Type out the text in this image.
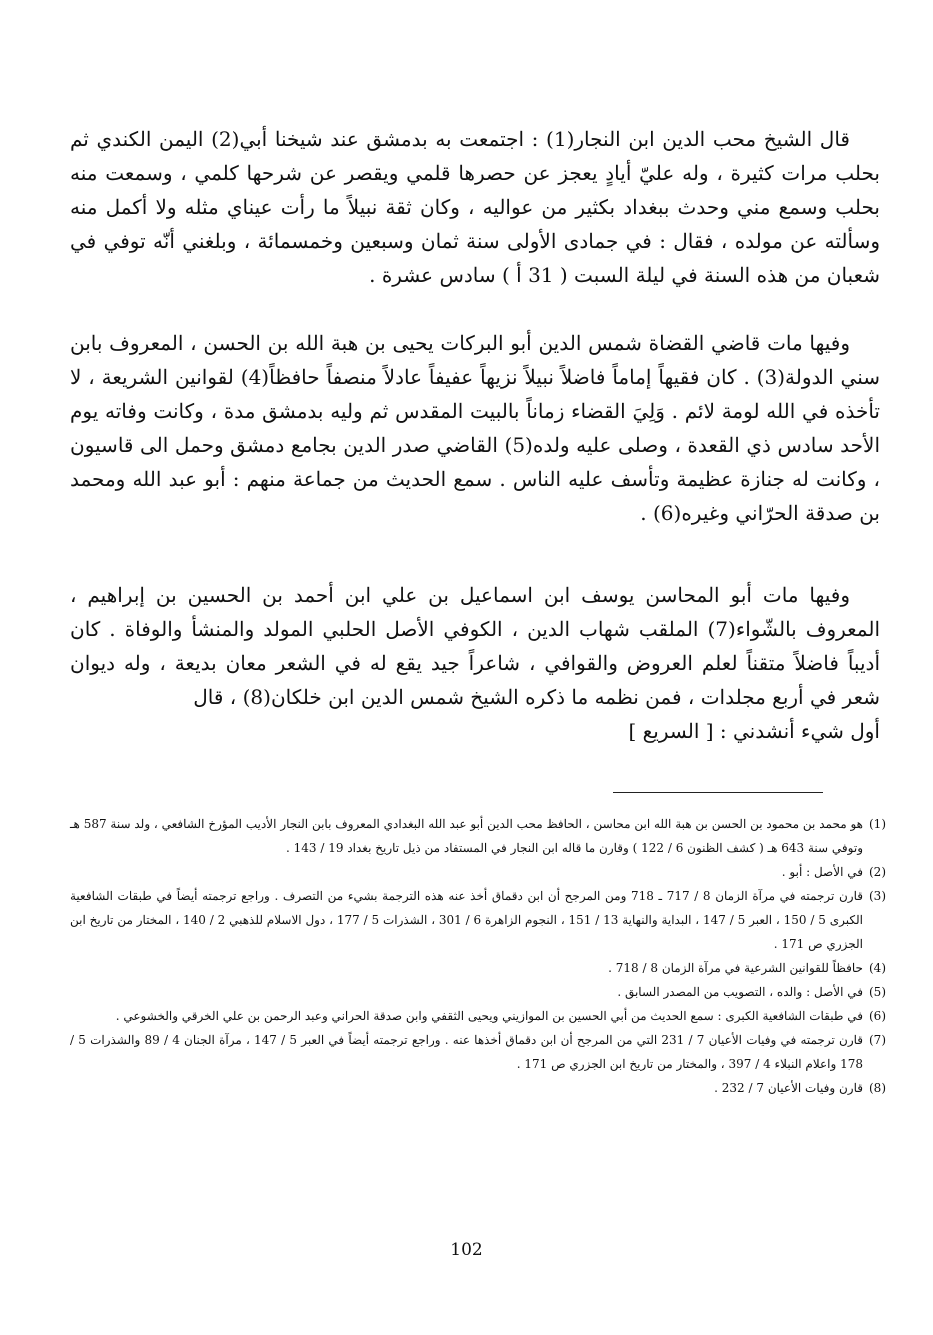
قال الشيخ محب الدين ابن النجار(1) : اجتمعت به بدمشق عند شيخنا أبي(2) اليمن الكندي ثم بحلب مرات كثيرة ، وله عليّ أيادٍ يعجز عن حصرها قلمي ويقصر عن شرحها كلمي ، وسمعت منه بحلب وسمع مني وحدث ببغداد بكثير من عواليه ، وكان ثقة نبيلاً ما رأت عيناي مثله ولا أكمل منه وسألته عن مولده ، فقال : في جمادى الأولى سنة ثمان وسبعين وخمسمائة ، وبلغني أنّه توفي في شعبان من هذه السنة في ليلة السبت ( 31 أ ) سادس عشرة .

وفيها مات قاضي القضاة شمس الدين أبو البركات يحيى بن هبة الله بن الحسن ، المعروف بابن سني الدولة(3) . كان فقيهاً إماماً فاضلاً نبيلاً نزيهاً عفيفاً عادلاً منصفاً حافظاً(4) لقوانين الشريعة ، لا تأخذه في الله لومة لائم . وَلِيَ القضاء زماناً بالبيت المقدس ثم وليه بدمشق مدة ، وكانت وفاته يوم الأحد سادس ذي القعدة ، وصلى عليه ولده(5) القاضي صدر الدين بجامع دمشق وحمل الى قاسيون ، وكانت له جنازة عظيمة وتأسف عليه الناس . سمع الحديث من جماعة منهم : أبو عبد الله ومحمد بن صدقة الحرّاني وغيره(6) .

وفيها مات أبو المحاسن يوسف ابن اسماعيل بن علي ابن أحمد بن الحسين بن إبراهيم ، المعروف بالشّواء(7) الملقب شهاب الدين ، الكوفي الأصل الحلبي المولد والمنشأ والوفاة . كان أديباً فاضلاً متقناً لعلم العروض والقوافي ، شاعراً جيد يقع له في الشعر معان بديعة ، وله ديوان شعر في أربع مجلدات ، فمن نظمه ما ذكره الشيخ شمس الدين ابن خلكان(8) ، قال

أول شيء أنشدني : [ السريع ]
(1)
هو محمد بن محمود بن الحسن بن هبة الله ابن محاسن ، الحافظ محب الدين أبو عبد الله البغدادي المعروف بابن النجار الأديب المؤرخ الشافعي ، ولد سنة 587 هـ وتوفي سنة 643 هـ ( كشف الظنون 6 / 122 ) وقارن ما قاله ابن النجار في المستفاد من ذيل تاريخ بغداد 19 / 143 .
(2)
في الأصل : أبو .
(3)
قارن ترجمته في مرآة الزمان 8 / 717 ـ 718 ومن المرجح أن ابن دقماق أخذ عنه هذه الترجمة بشيء من التصرف . وراجع ترجمته أيضاً في طبقات الشافعية الكبرى 5 / 150 ، العبر 5 / 147 ، البداية والنهاية 13 / 151 ، النجوم الزاهرة 6 / 301 ، الشذرات 5 / 177 ، دول الاسلام للذهبي 2 / 140 ، المختار من تاريخ ابن الجزري ص 171 .
(4)
حافظاً للقوانين الشرعية في مرآة الزمان 8 / 718 .
(5)
في الأصل : والده ، التصويب من المصدر السابق .
(6)
في طبقات الشافعية الكبرى : سمع الحديث من أبي الحسين بن الموازيني ويحيى الثقفي وابن صدقة الحراني وعبد الرحمن بن علي الخرقي والخشوعي .
(7)
قارن ترجمته في وفيات الأعيان 7 / 231 التي من المرجح أن ابن دقماق أخذها عنه . وراجع ترجمته أيضاً في العبر 5 / 147 ، مرآة الجنان 4 / 89 والشذرات 5 / 178 واعلام النبلاء 4 / 397 ، والمختار من تاريخ ابن الجزري ص 171 .
(8)
قارن وفيات الأعيان 7 / 232 .
102
